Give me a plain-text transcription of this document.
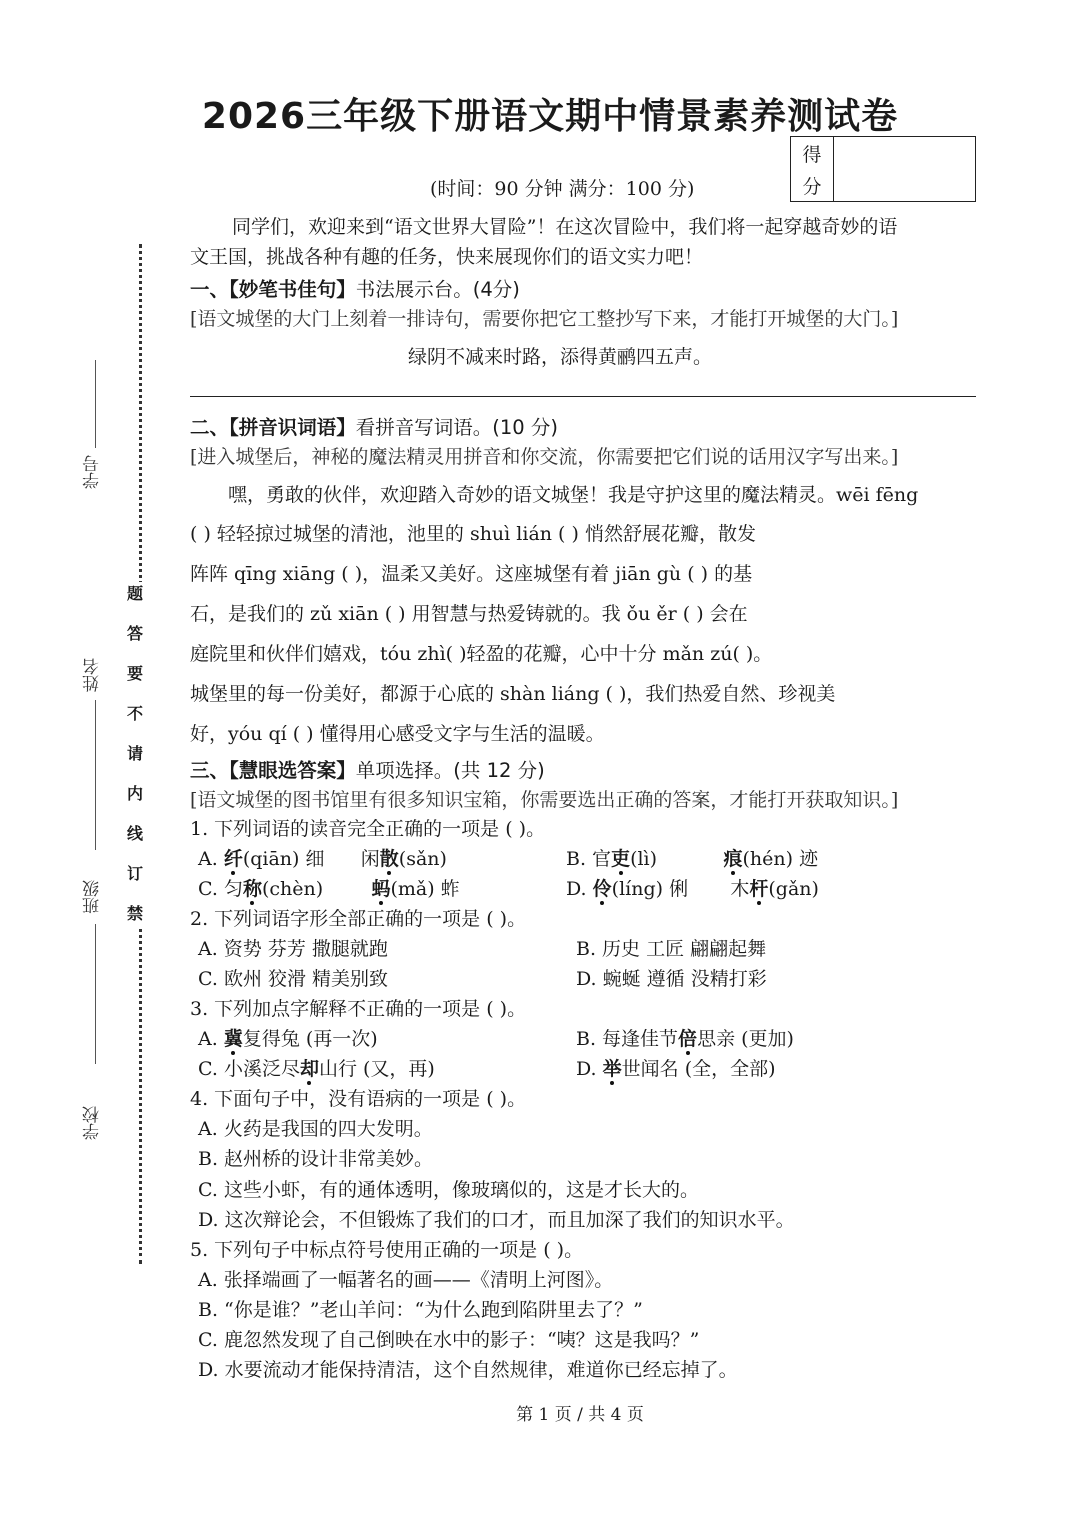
2026三年级下册语文期中情景素养测试卷
得
分
(时间：90 分钟 满分：100 分)
同学们，欢迎来到“语文世界大冒险”！在这次冒险中，我们将一起穿越奇妙的语
文王国，挑战各种有趣的任务，快来展现你们的语文实力吧！
学号
姓名
班级
学校
题
答
要
不
请
内
线
订
禁
一、【妙笔书佳句】书法展示台。(4分)
[语文城堡的大门上刻着一排诗句，需要你把它工整抄写下来，才能打开城堡的大门。]
绿阴不减来时路，添得黄鹂四五声。
二、【拼音识词语】看拼音写词语。(10 分)
[进入城堡后，神秘的魔法精灵用拼音和你交流，你需要把它们说的话用汉字写出来。]
嘿，勇敢的伙伴，欢迎踏入奇妙的语文城堡！我是守护这里的魔法精灵。wēi fēng
( ) 轻轻掠过城堡的清池，池里的 shuì lián ( ) 悄然舒展花瓣，散发
阵阵 qīng xiāng ( )，温柔又美好。这座城堡有着 jiān gù ( ) 的基
石，是我们的 zǔ xiān ( ) 用智慧与热爱铸就的。我 ǒu ěr ( ) 会在
庭院里和伙伴们嬉戏，tóu zhì( )轻盈的花瓣，心中十分 mǎn zú( )。
城堡里的每一份美好，都源于心底的 shàn liáng ( )，我们热爱自然、珍视美
好，yóu qí ( ) 懂得用心感受文字与生活的温暖。
三、【慧眼选答案】单项选择。(共 12 分)
[语文城堡的图书馆里有很多知识宝箱，你需要选出正确的答案，才能打开获取知识。]
1. 下列词语的读音完全正确的一项是 ( )。
A. 纤(qiān) 细 闲散(sǎn)	B. 官吏(lì)	痕(hén) 迹
C. 匀称(chèn)	蚂(mǎ) 蚱	D. 伶(líng) 俐 木杆(gǎn)
2. 下列词语字形全部正确的一项是 ( )。
A. 资势 芬芳 撒腿就跑	B. 历史 工匠 翩翩起舞
C. 欧州 狡滑 精美别致	D. 蜿蜒 遵循 没精打彩
3. 下列加点字解释不正确的一项是 ( )。
A. 冀复得兔 (再一次)	B. 每逢佳节倍思亲 (更加)
C. 小溪泛尽却山行 (又，再)	D. 举世闻名 (全，全部)
4. 下面句子中，没有语病的一项是 ( )。
A. 火药是我国的四大发明。
B. 赵州桥的设计非常美妙。
C. 这些小虾，有的通体透明，像玻璃似的，这是才长大的。
D. 这次辩论会，不但锻炼了我们的口才，而且加深了我们的知识水平。
5. 下列句子中标点符号使用正确的一项是 ( )。
A. 张择端画了一幅著名的画——《清明上河图》。
B. “你是谁？”老山羊问：“为什么跑到陷阱里去了？”
C. 鹿忽然发现了自己倒映在水中的影子：“咦？这是我吗？”
D. 水要流动才能保持清洁，这个自然规律，难道你已经忘掉了。
第 1 页 / 共 4 页
